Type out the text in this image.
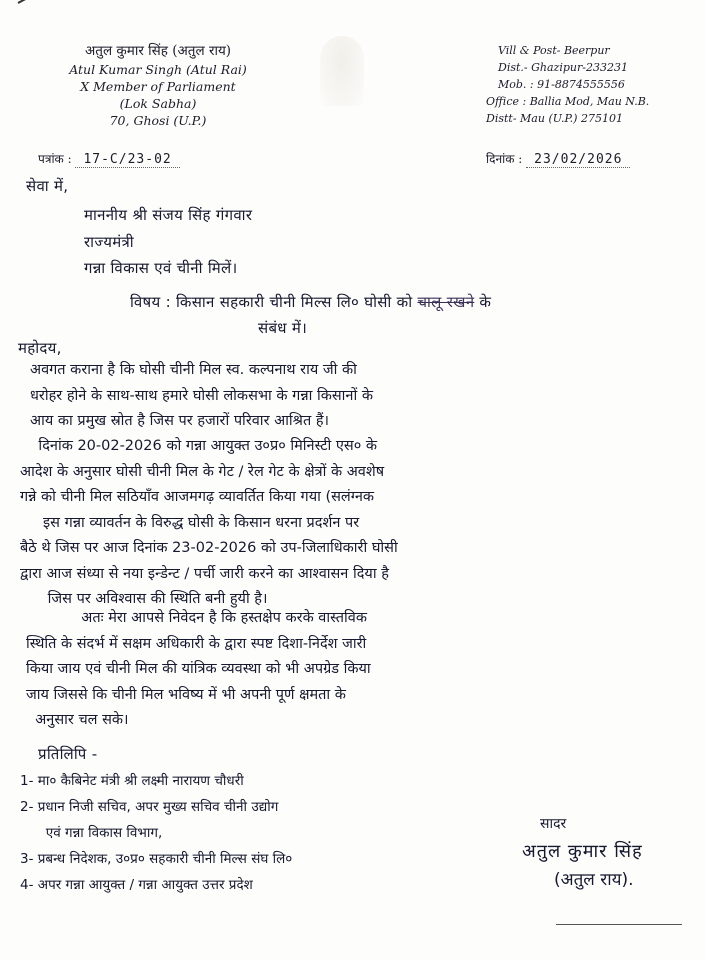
अतुल कुमार सिंह (अतुल राय)
Atul Kumar Singh (Atul Rai)
X Member of Parliament
(Lok Sabha)
70, Ghosi (U.P.)
Vill & Post- Beerpur
Dist.- Ghazipur-233231
Mob. : 91-8874555556
Office : Ballia Mod, Mau N.B.
Distt- Mau (U.P.) 275101
पत्रांक : 17-C/23-02	दिनांक : 23/02/2026
सेवा में,
माननीय श्री संजय सिंह गंगवार
राज्यमंत्री
गन्ना विकास एवं चीनी मिलें।
विषय : किसान सहकारी चीनी मिल्स लि० घोसी को चालू रखने के
संबंध में।
महोदय,
अवगत कराना है कि घोसी चीनी मिल स्व. कल्पनाथ राय जी की
धरोहर होने के साथ-साथ हमारे घोसी लोकसभा के गन्ना किसानों के
आय का प्रमुख स्रोत है जिस पर हजारों परिवार आश्रित हैं।
दिनांक 20-02-2026 को गन्ना आयुक्त उ०प्र० मिनिस्टी एस० के
आदेश के अनुसार घोसी चीनी मिल के गेट / रेल गेट के क्षेत्रों के अवशेष
गन्ने को चीनी मिल सठियाँव आजमगढ़ व्यावर्तित किया गया (सलंग्नक
इस गन्ना व्यावर्तन के विरुद्ध घोसी के किसान धरना प्रदर्शन पर
बैठे थे जिस पर आज दिनांक 23-02-2026 को उप-जिलाधिकारी घोसी
द्वारा आज संध्या से नया इन्डेन्ट / पर्ची जारी करने का आश्वासन दिया है
जिस पर अविश्वास की स्थिति बनी हुयी है।
अतः मेरा आपसे निवेदन है कि हस्तक्षेप करके वास्तविक
स्थिति के संदर्भ में सक्षम अधिकारी के द्वारा स्पष्ट दिशा-निर्देश जारी
किया जाय एवं चीनी मिल की यांत्रिक व्यवस्था को भी अपग्रेड किया
जाय जिससे कि चीनी मिल भविष्य में भी अपनी पूर्ण क्षमता के
अनुसार चल सके।
प्रतिलिपि -
1- मा० कैबिनेट मंत्री श्री लक्ष्मी नारायण चौधरी
2- प्रधान निजी सचिव, अपर मुख्य सचिव चीनी उद्योग
एवं गन्ना विकास विभाग,
3- प्रबन्ध निदेशक, उ०प्र० सहकारी चीनी मिल्स संघ लि०
4- अपर गन्ना आयुक्त / गन्ना आयुक्त उत्तर प्रदेश
सादर
अतुल कुमार सिंह
(अतुल राय).
